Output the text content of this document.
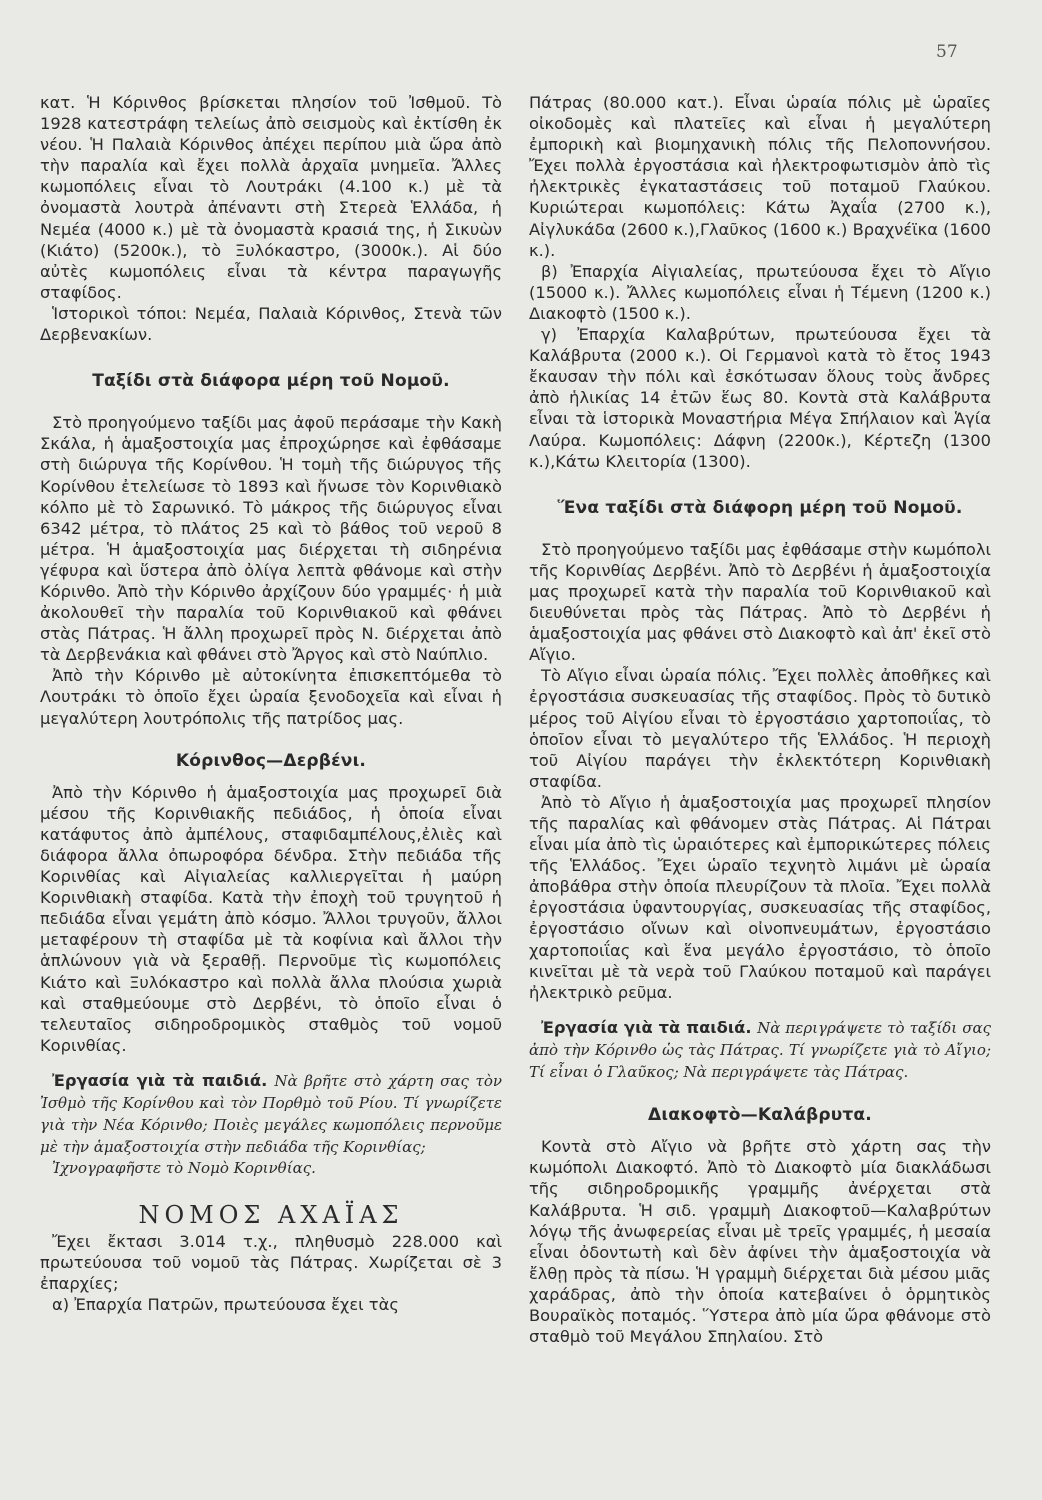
57

κατ. Ἡ Κόρινθος βρίσκεται πλησίον τοῦ Ἰσθμοῦ. Τὸ 1928 κατεστράφη τελείως ἀπὸ σεισμοὺς καὶ ἐκτίσθη ἐκ νέου. Ἡ Παλαιὰ Κόρινθος ἀπέχει περίπου μιὰ ὥρα ἀπὸ τὴν παραλία καὶ ἔχει πολλὰ ἀρχαῖα μνημεῖα. Ἄλλες κωμοπόλεις εἶναι τὸ Λουτράκι (4.100 κ.) μὲ τὰ ὀνομαστὰ λουτρὰ ἀπέναντι στὴ Στερεὰ Ἑλλάδα, ἡ Νεμέα (4000 κ.) μὲ τὰ ὀνομαστὰ κρασιά της, ἡ Σικυὼν (Κιάτο) (5200κ.), τὸ Ξυλόκαστρο, (3000κ.). Αἱ δύο αὐτὲς κωμοπόλεις εἶναι τὰ κέντρα παραγωγῆς σταφίδος.

Ἱστορικοὶ τόποι: Νεμέα, Παλαιὰ Κόρινθος, Στενὰ τῶν Δερβενακίων.

Ταξίδι στὰ διάφορα μέρη τοῦ Νομοῦ.

Στὸ προηγούμενο ταξίδι μας ἀφοῦ περάσαμε τὴν Κακὴ Σκάλα, ἡ ἁμαξοστοιχία μας ἐπροχώρησε καὶ ἐφθάσαμε στὴ διώρυγα τῆς Κορίνθου. Ἡ τομὴ τῆς διώρυγος τῆς Κορίνθου ἐτελείωσε τὸ 1893 καὶ ἥνωσε τὸν Κορινθιακὸ κόλπο μὲ τὸ Σαρωνικό. Τὸ μάκρος τῆς διώρυγος εἶναι 6342 μέτρα, τὸ πλάτος 25 καὶ τὸ βάθος τοῦ νεροῦ 8 μέτρα. Ἡ ἁμαξοστοιχία μας διέρχεται τὴ σιδηρένια γέφυρα καὶ ὕστερα ἀπὸ ὀλίγα λεπτὰ φθάνομε καὶ στὴν Κόρινθο. Ἀπὸ τὴν Κόρινθο ἀρχίζουν δύο γραμμές· ἡ μιὰ ἀκολουθεῖ τὴν παραλία τοῦ Κορινθιακοῦ καὶ φθάνει στὰς Πάτρας. Ἡ ἄλλη προχωρεῖ πρὸς Ν. διέρχεται ἀπὸ τὰ Δερβενάκια καὶ φθάνει στὸ Ἄργος καὶ στὸ Ναύπλιο.

Ἀπὸ τὴν Κόρινθο μὲ αὐτοκίνητα ἐπισκεπτόμεθα τὸ Λουτράκι τὸ ὁποῖο ἔχει ὡραία ξενοδοχεῖα καὶ εἶναι ἡ μεγαλύτερη λουτρόπολις τῆς πατρίδος μας.

Κόρινθος—Δερβένι.

Ἀπὸ τὴν Κόρινθο ἡ ἁμαξοστοιχία μας προχωρεῖ διὰ μέσου τῆς Κορινθιακῆς πεδιάδος, ἡ ὁποία εἶναι κατάφυτος ἀπὸ ἀμπέλους, σταφιδαμπέλους,ἐλιὲς καὶ διάφορα ἄλλα ὀπωροφόρα δένδρα. Στὴν πεδιάδα τῆς Κορινθίας καὶ Αἰγιαλείας καλλιεργεῖται ἡ μαύρη Κορινθιακὴ σταφίδα. Κατὰ τὴν ἐποχὴ τοῦ τρυγητοῦ ἡ πεδιάδα εἶναι γεμάτη ἀπὸ κόσμο. Ἄλλοι τρυγοῦν, ἄλλοι μεταφέρουν τὴ σταφίδα μὲ τὰ κοφίνια καὶ ἄλλοι τὴν ἁπλώνουν γιὰ νὰ ξεραθῇ. Περνοῦμε τὶς κωμοπόλεις Κιάτο καὶ Ξυλόκαστρο καὶ πολλὰ ἄλλα πλούσια χωριὰ καὶ σταθμεύουμε στὸ Δερβένι, τὸ ὁποῖο εἶναι ὁ τελευταῖος σιδηροδρομικὸς σταθμὸς τοῦ νομοῦ Κορινθίας.

Ἐργασία γιὰ τὰ παιδιά. Νὰ βρῆτε στὸ χάρτη σας τὸν Ἰσθμὸ τῆς Κορίνθου καὶ τὸν Πορθμὸ τοῦ Ρίου. Τί γνωρίζετε γιὰ τὴν Νέα Κόρινθο; Ποιὲς μεγάλες κωμοπόλεις περνοῦμε μὲ τὴν ἁμαξοστοιχία στὴν πεδιάδα τῆς Κορινθίας;

Ἰχνογραφῆστε τὸ Νομὸ Κορινθίας.

ΝΟΜΟΣ ΑΧΑΪΑΣ

Ἔχει ἔκτασι 3.014 τ.χ., πληθυσμὸ 228.000 καὶ πρωτεύουσα τοῦ νομοῦ τὰς Πάτρας. Χωρίζεται σὲ 3 ἐπαρχίες;

α) Ἐπαρχία Πατρῶν, πρωτεύουσα ἔχει τὰς

Πάτρας (80.000 κατ.). Εἶναι ὡραία πόλις μὲ ὡραῖες οἰκοδομὲς καὶ πλατεῖες καὶ εἶναι ἡ μεγαλύτερη ἐμπορικὴ καὶ βιομηχανικὴ πόλις τῆς Πελοποννήσου. Ἔχει πολλὰ ἐργοστάσια καὶ ἠλεκτροφωτισμὸν ἀπὸ τὶς ἠλεκτρικὲς ἐγκαταστάσεις τοῦ ποταμοῦ Γλαύκου. Κυριώτεραι κωμοπόλεις: Κάτω Ἀχαΐα (2700 κ.), Αἰγλυκάδα (2600 κ.),Γλαῦκος (1600 κ.) Βραχνέϊκα (1600 κ.).

β) Ἐπαρχία Αἰγιαλείας, πρωτεύουσα ἔχει τὸ Αἴγιο (15000 κ.). Ἄλλες κωμοπόλεις εἶναι ἡ Τέμενη (1200 κ.) Διακοφτὸ (1500 κ.).

γ) Ἐπαρχία Καλαβρύτων, πρωτεύουσα ἔχει τὰ Καλάβρυτα (2000 κ.). Οἱ Γερμανοὶ κατὰ τὸ ἔτος 1943 ἔκαυσαν τὴν πόλι καὶ ἐσκότωσαν ὅλους τοὺς ἄνδρες ἀπὸ ἡλικίας 14 ἐτῶν ἕως 80. Κοντὰ στὰ Καλάβρυτα εἶναι τὰ ἱστορικὰ Μοναστήρια Μέγα Σπήλαιον καὶ Ἁγία Λαύρα. Κωμοπόλεις: Δάφνη (2200κ.), Κέρτεζη (1300 κ.),Κάτω Κλειτορία (1300).

Ἕνα ταξίδι στὰ διάφορη μέρη τοῦ Νομοῦ.

Στὸ προηγούμενο ταξίδι μας ἐφθάσαμε στὴν κωμόπολι τῆς Κορινθίας Δερβένι. Ἀπὸ τὸ Δερβένι ἡ ἁμαξοστοιχία μας προχωρεῖ κατὰ τὴν παραλία τοῦ Κορινθιακοῦ καὶ διευθύνεται πρὸς τὰς Πάτρας. Ἀπὸ τὸ Δερβένι ἡ ἁμαξοστοιχία μας φθάνει στὸ Διακοφτὸ καὶ ἀπ' ἐκεῖ στὸ Αἴγιο.

Τὸ Αἴγιο εἶναι ὡραία πόλις. Ἔχει πολλὲς ἀποθῆκες καὶ ἐργοστάσια συσκευασίας τῆς σταφίδος. Πρὸς τὸ δυτικὸ μέρος τοῦ Αἰγίου εἶναι τὸ ἐργοστάσιο χαρτοποιΐας, τὸ ὁποῖον εἶναι τὸ μεγαλύτερο τῆς Ἑλλάδος. Ἡ περιοχὴ τοῦ Αἰγίου παράγει τὴν ἐκλεκτότερη Κορινθιακὴ σταφίδα.

Ἀπὸ τὸ Αἴγιο ἡ ἁμαξοστοιχία μας προχωρεῖ πλησίον τῆς παραλίας καὶ φθάνομεν στὰς Πάτρας. Αἱ Πάτραι εἶναι μία ἀπὸ τὶς ὡραιότερες καὶ ἐμπορικώτερες πόλεις τῆς Ἑλλάδος. Ἔχει ὡραῖο τεχνητὸ λιμάνι μὲ ὡραία ἀποβάθρα στὴν ὁποία πλευρίζουν τὰ πλοῖα. Ἔχει πολλὰ ἐργοστάσια ὑφαντουργίας, συσκευασίας τῆς σταφίδος, ἐργοστάσιο οἴνων καὶ οἰνοπνευμάτων, ἐργοστάσιο χαρτοποιΐας καὶ ἕνα μεγάλο ἐργοστάσιο, τὸ ὁποῖο κινεῖται μὲ τὰ νερὰ τοῦ Γλαύκου ποταμοῦ καὶ παράγει ἠλεκτρικὸ ρεῦμα.

Ἐργασία γιὰ τὰ παιδιά. Νὰ περιγράψετε τὸ ταξίδι σας ἀπὸ τὴν Κόρινθο ὡς τὰς Πάτρας. Τί γνωρίζετε γιὰ τὸ Αἴγιο; Τί εἶναι ὁ Γλαῦκος; Νὰ περιγράψετε τὰς Πάτρας.

Διακοφτὸ—Καλάβρυτα.

Κοντὰ στὸ Αἴγιο νὰ βρῆτε στὸ χάρτη σας τὴν κωμόπολι Διακοφτό. Ἀπὸ τὸ Διακοφτὸ μία διακλάδωσι τῆς σιδηροδρομικῆς γραμμῆς ἀνέρχεται στὰ Καλάβρυτα. Ἡ σιδ. γραμμὴ Διακοφτοῦ—Καλαβρύτων λόγῳ τῆς ἀνωφερείας εἶναι μὲ τρεῖς γραμμές, ἡ μεσαία εἶναι ὀδοντωτὴ καὶ δὲν ἀφίνει τὴν ἁμαξοστοιχία νὰ ἔλθῃ πρὸς τὰ πίσω. Ἡ γραμμὴ διέρχεται διὰ μέσου μιᾶς χαράδρας, ἀπὸ τὴν ὁποία κατεβαίνει ὁ ὁρμητικὸς Βουραϊκὸς ποταμός. Ὕστερα ἀπὸ μία ὥρα φθάνομε στὸ σταθμὸ τοῦ Μεγάλου Σπηλαίου. Στὸ
